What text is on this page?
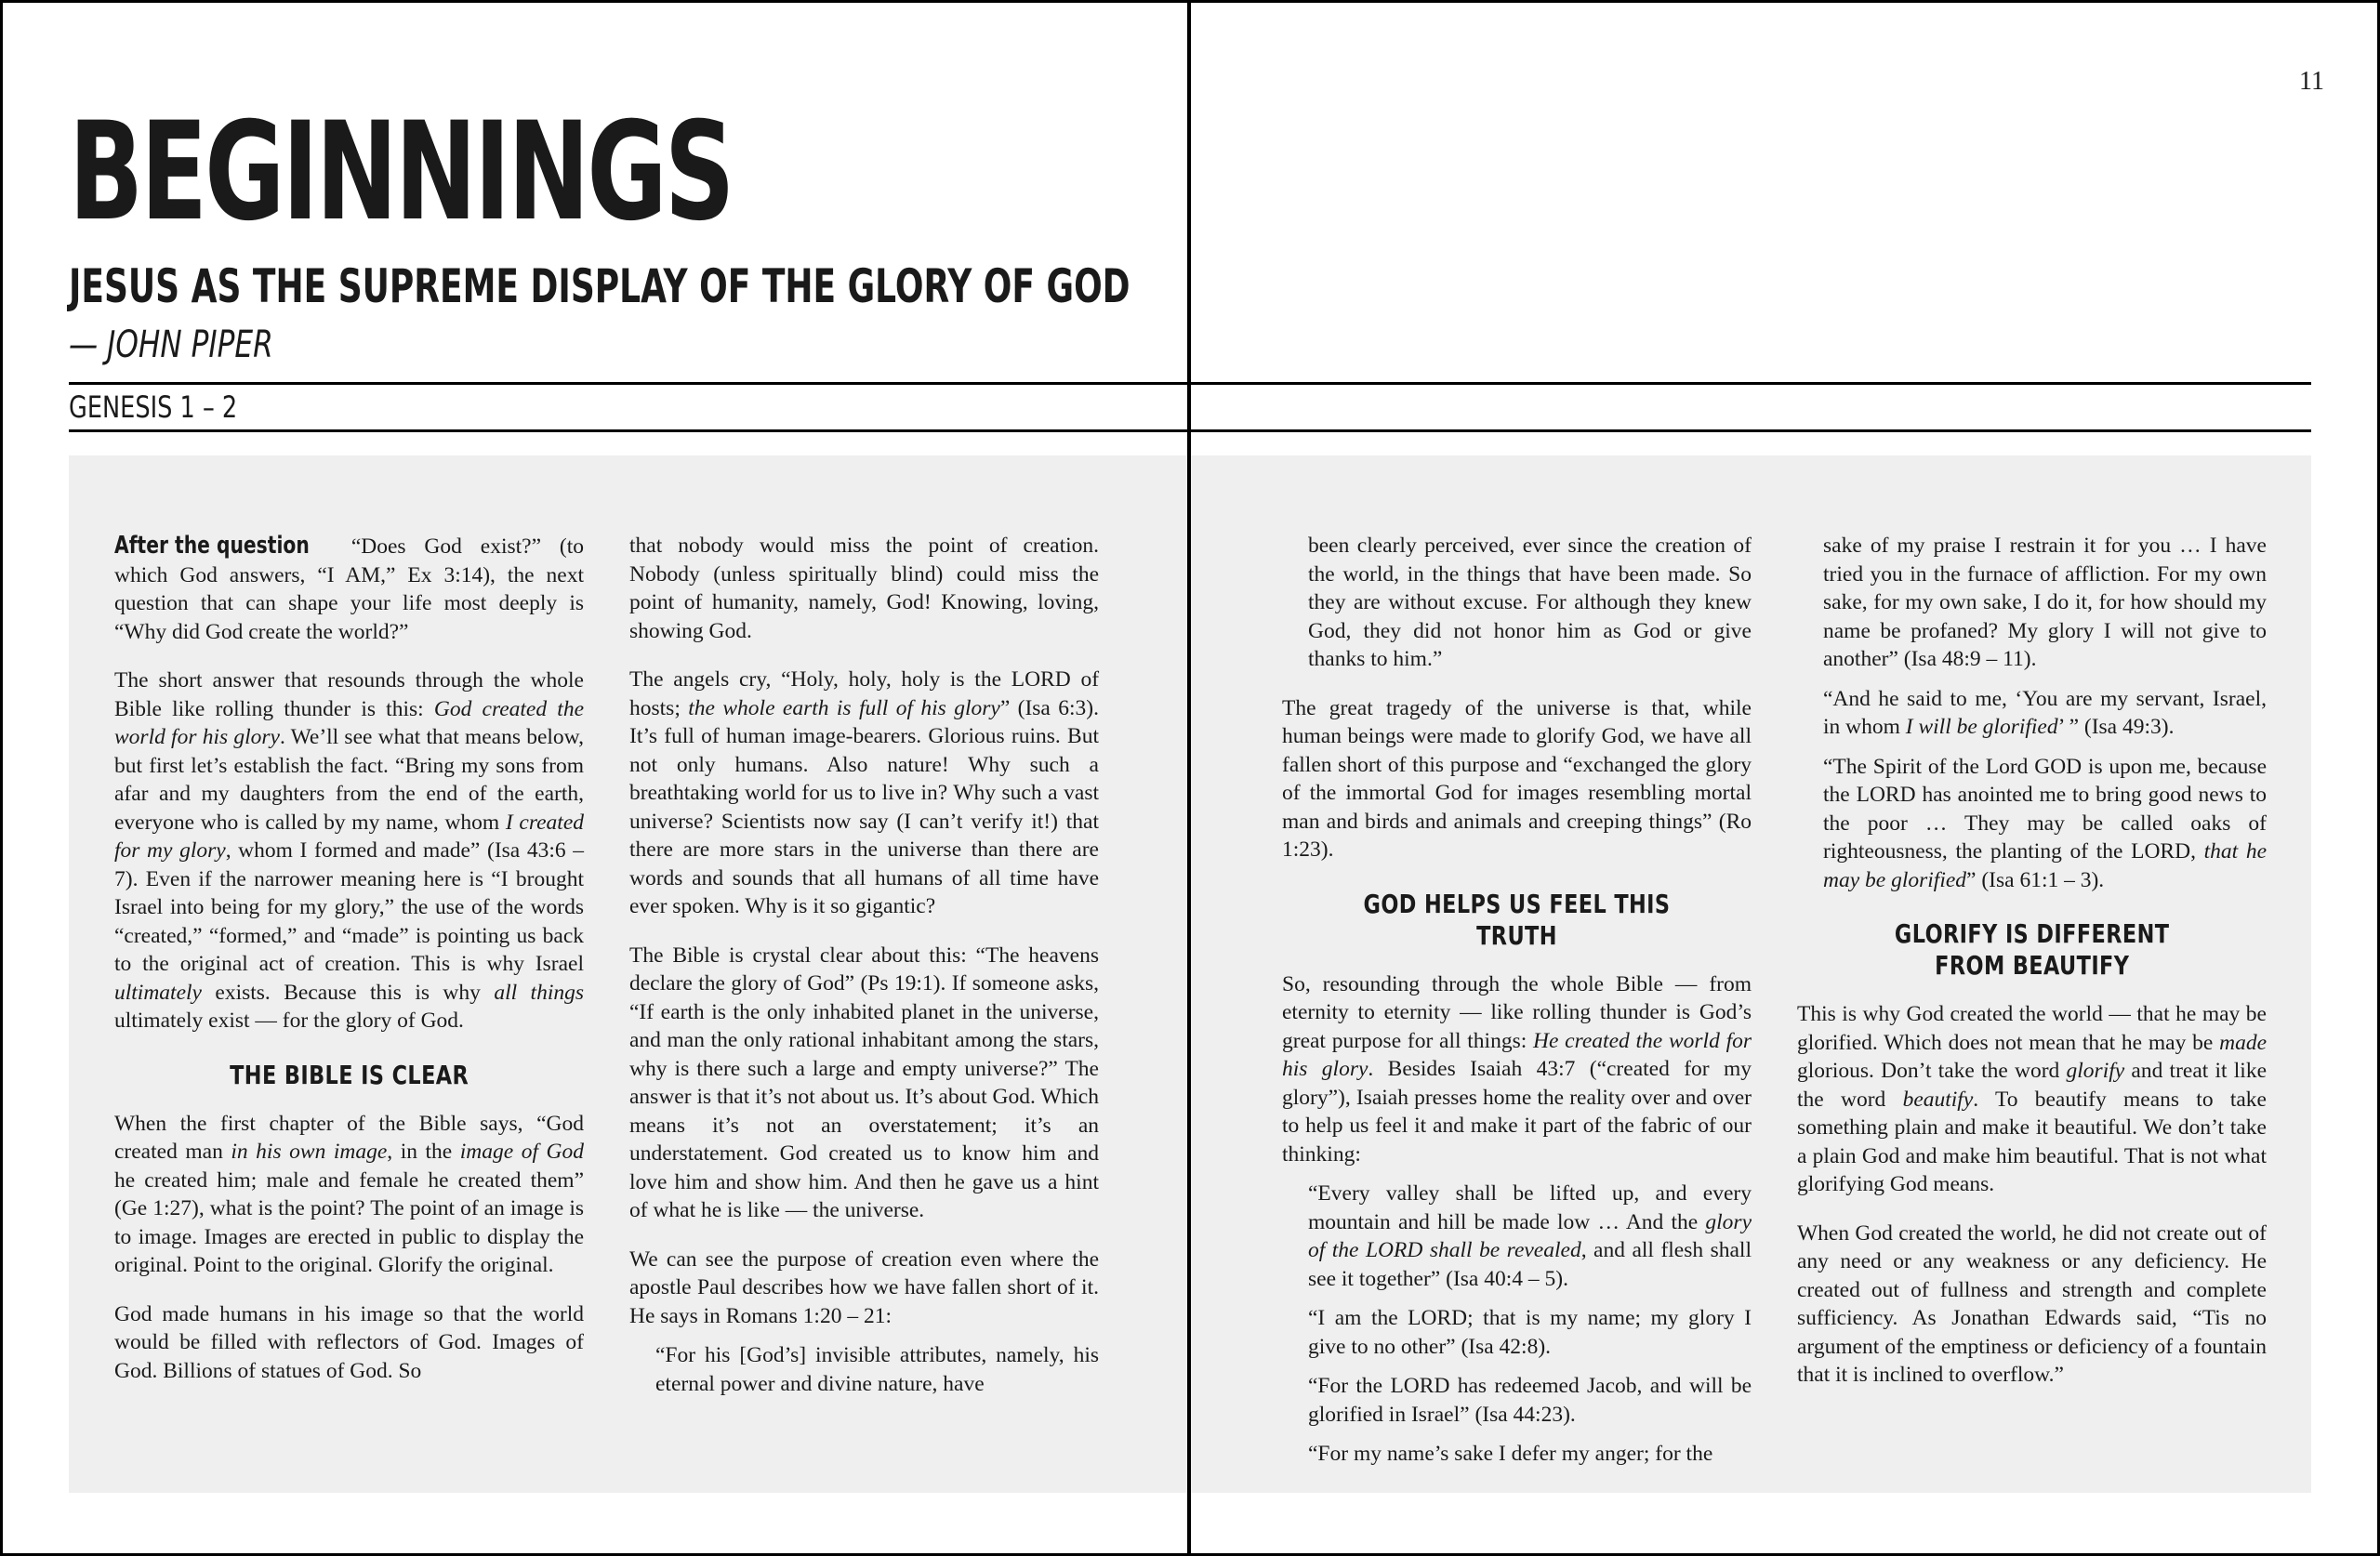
11
BEGINNINGS
JESUS AS THE SUPREME DISPLAY OF THE GLORY OF GOD
— JOHN PIPER
GENESIS 1 – 2

After the question “Does God exist?” (to which God answers, “I AM,” Ex 3:14), the next question that can shape your life most deeply is “Why did God create the world?”

The short answer that resounds through the whole Bible like rolling thunder is this: God created the world for his glory. We’ll see what that means below, but first let’s establish the fact. “Bring my sons from afar and my daughters from the end of the earth, everyone who is called by my name, whom I created for my glory, whom I formed and made” (Isa 43:6 – 7). Even if the narrower meaning here is “I brought Israel into being for my glory,” the use of the words “created,” “formed,” and “made” is pointing us back to the original act of creation. This is why Israel ultimately exists. Because this is why all things ultimately exist — for the glory of God.

THE BIBLE IS CLEAR

When the first chapter of the Bible says, “God created man in his own image, in the image of God he created him; male and female he created them” (Ge 1:27), what is the point? The point of an image is to image. Images are erected in public to display the original. Point to the original. Glorify the original.

God made humans in his image so that the world would be filled with reflectors of God. Images of God. Billions of statues of God. So

that nobody would miss the point of creation. Nobody (unless spiritually blind) could miss the point of humanity, namely, God! Knowing, loving, showing God.

The angels cry, “Holy, holy, holy is the LORD of hosts; the whole earth is full of his glory” (Isa 6:3). It’s full of human image-bearers. Glorious ruins. But not only humans. Also nature! Why such a breathtaking world for us to live in? Why such a vast universe? Scientists now say (I can’t verify it!) that there are more stars in the universe than there are words and sounds that all humans of all time have ever spoken. Why is it so gigantic?

The Bible is crystal clear about this: “The heavens declare the glory of God” (Ps 19:1). If someone asks, “If earth is the only inhabited planet in the universe, and man the only rational inhabitant among the stars, why is there such a large and empty universe?” The answer is that it’s not about us. It’s about God. Which means it’s not an overstatement; it’s an understatement. God created us to know him and love him and show him. And then he gave us a hint of what he is like — the universe.

We can see the purpose of creation even where the apostle Paul describes how we have fallen short of it. He says in Romans 1:20 – 21:

“For his [God’s] invisible attributes, namely, his eternal power and divine nature, have

been clearly perceived, ever since the creation of the world, in the things that have been made. So they are without excuse. For although they knew God, they did not honor him as God or give thanks to him.”

The great tragedy of the universe is that, while human beings were made to glorify God, we have all fallen short of this purpose and “exchanged the glory of the immortal God for images resembling mortal man and birds and animals and creeping things” (Ro 1:23).

GOD HELPS US FEEL THIS TRUTH

So, resounding through the whole Bible — from eternity to eternity — like rolling thunder is God’s great purpose for all things: He created the world for his glory. Besides Isaiah 43:7 (“created for my glory”), Isaiah presses home the reality over and over to help us feel it and make it part of the fabric of our thinking:

“Every valley shall be lifted up, and every mountain and hill be made low … And the glory of the LORD shall be revealed, and all flesh shall see it together” (Isa 40:4 – 5).

“I am the LORD; that is my name; my glory I give to no other” (Isa 42:8).

“For the LORD has redeemed Jacob, and will be glorified in Israel” (Isa 44:23).

“For my name’s sake I defer my anger; for the

sake of my praise I restrain it for you … I have tried you in the furnace of affliction. For my own sake, for my own sake, I do it, for how should my name be profaned? My glory I will not give to another” (Isa 48:9 – 11).

“And he said to me, ‘You are my servant, Israel, in whom I will be glorified’ ” (Isa 49:3).

“The Spirit of the Lord GOD is upon me, because the LORD has anointed me to bring good news to the poor … They may be called oaks of righteousness, the planting of the LORD, that he may be glorified” (Isa 61:1 – 3).

GLORIFY IS DIFFERENT
FROM BEAUTIFY

This is why God created the world — that he may be glorified. Which does not mean that he may be made glorious. Don’t take the word glorify and treat it like the word beautify. To beautify means to take something plain and make it beautiful. We don’t take a plain God and make him beautiful. That is not what glorifying God means.

When God created the world, he did not create out of any need or any weakness or any deficiency. He created out of fullness and strength and complete sufficiency. As Jonathan Edwards said, “Tis no argument of the emptiness or deficiency of a fountain that it is inclined to overflow.”
